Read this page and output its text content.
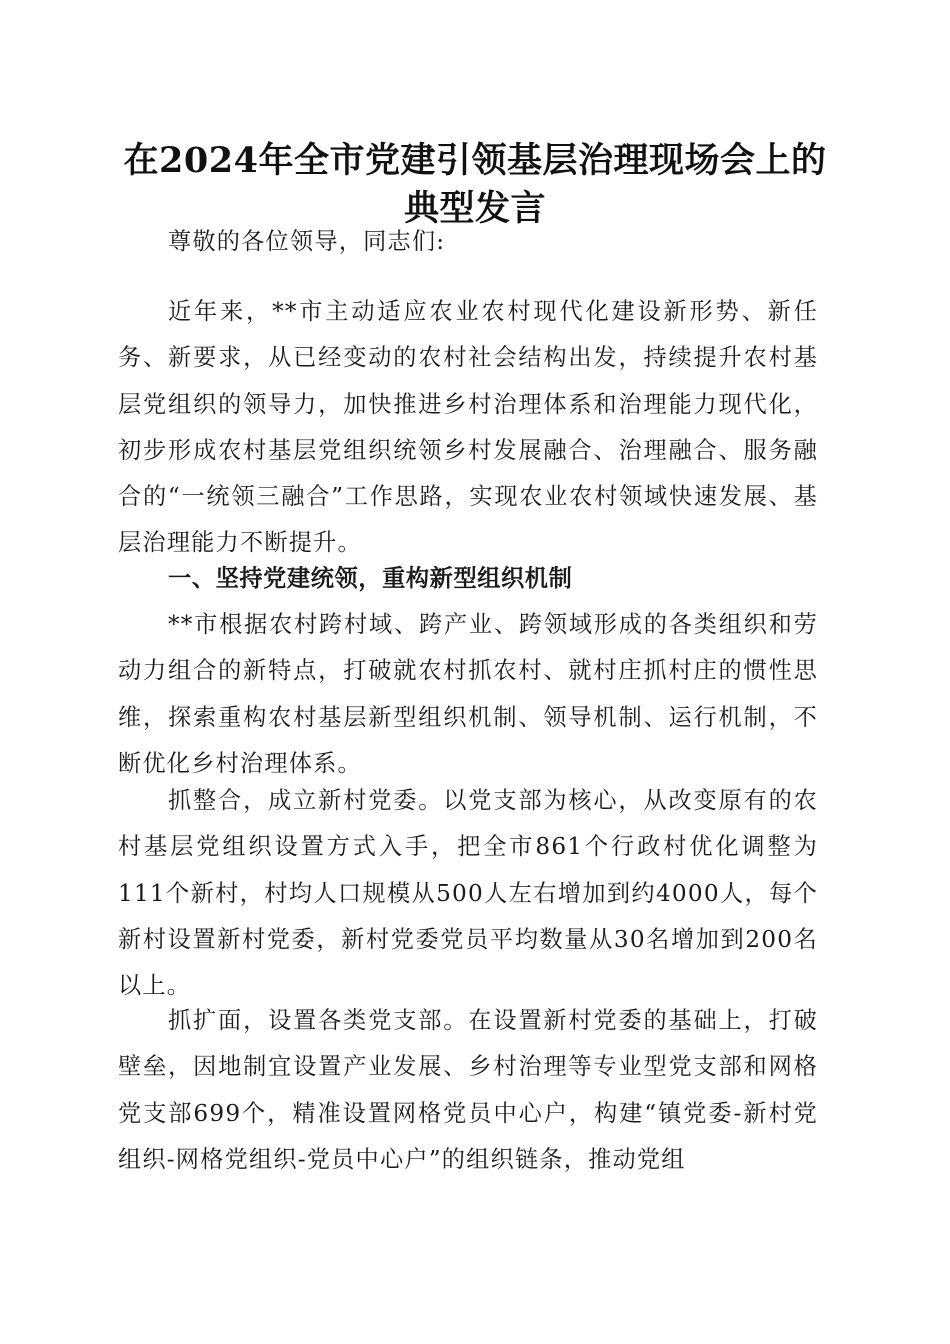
在2024年全市党建引领基层治理现场会上的
典型发言

尊敬的各位领导，同志们:

近年来，**市主动适应农业农村现代化建设新形势、新任务、新要求，从已经变动的农村社会结构出发，持续提升农村基层党组织的领导力，加快推进乡村治理体系和治理能力现代化，初步形成农村基层党组织统领乡村发展融合、治理融合、服务融合的“一统领三融合”工作思路，实现农业农村领域快速发展、基层治理能力不断提升。

一、坚持党建统领，重构新型组织机制

**市根据农村跨村域、跨产业、跨领域形成的各类组织和劳动力组合的新特点，打破就农村抓农村、就村庄抓村庄的惯性思维，探索重构农村基层新型组织机制、领导机制、运行机制，不断优化乡村治理体系。

抓整合，成立新村党委。以党支部为核心，从改变原有的农村基层党组织设置方式入手，把全市861个行政村优化调整为111个新村，村均人口规模从500人左右增加到约4000人，每个新村设置新村党委，新村党委党员平均数量从30名增加到200名以上。

抓扩面，设置各类党支部。在设置新村党委的基础上，打破壁垒，因地制宜设置产业发展、乡村治理等专业型党支部和网格党支部699个，精准设置网格党员中心户，构建“镇党委-新村党组织-网格党组织-党员中心户”的组织链条，推动党组
